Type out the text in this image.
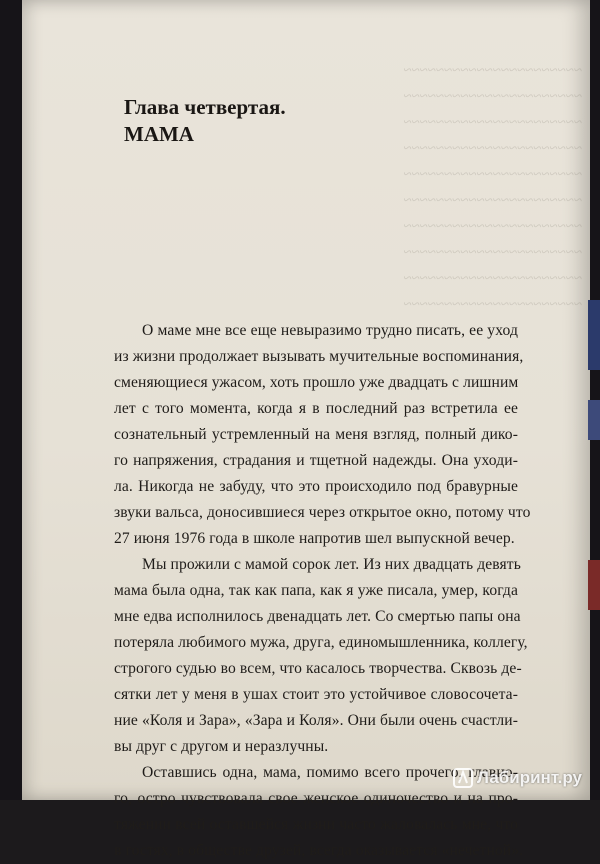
~~~~~~~~~~~~~~~~~~~~~~
~~~~~~~~~~~~~~~~~~~~~~
~~~~~~~~~~~~~~~~~~~~~~
~~~~~~~~~~~~~~~~~~~~~~
~~~~~~~~~~~~~~~~~~~~~~
~~~~~~~~~~~~~~~~~~~~~~
~~~~~~~~~~~~~~~~~~~~~~
~~~~~~~~~~~~~~~~~~~~~~
~~~~~~~~~~~~~~~~~~~~~~
~~~~~~~~~~~~~~~~~~~~~~
Глава четвертая.
МАМА
О маме мне все еще невыразимо трудно писать, ее уход
из жизни продолжает вызывать мучительные воспоминания,
сменяющиеся ужасом, хоть прошло уже двадцать с лишним
лет с того момента, когда я в последний раз встретила ее
сознательный устремленный на меня взгляд, полный дико-
го напряжения, страдания и тщетной надежды. Она уходи-
ла. Никогда не забуду, что это происходило под бравурные
звуки вальса, доносившиеся через открытое окно, потому что
27 июня 1976 года в школе напротив шел выпускной вечер.
Мы прожили с мамой сорок лет. Из них двадцать девять
мама была одна, так как папа, как я уже писала, умер, когда
мне едва исполнилось двенадцать лет. Со смертью папы она
потеряла любимого мужа, друга, единомышленника, коллегу,
строгого судью во всем, что касалось творчества. Сквозь де-
сятки лет у меня в ушах стоит это устойчивое словосочета-
ние «Коля и Зара», «Зара и Коля». Они были очень счастли-
вы друг с другом и неразлучны.
Оставшись одна, мама, помимо всего прочего, главно-
го, остро чувствовала свое женское одиночество и на про-
тяжении всей оставшейся жизни часто жаловалась мне, что
в гостях, в обществе друзей, всегда оказывается «нечетной».
Лабиринт.ру
